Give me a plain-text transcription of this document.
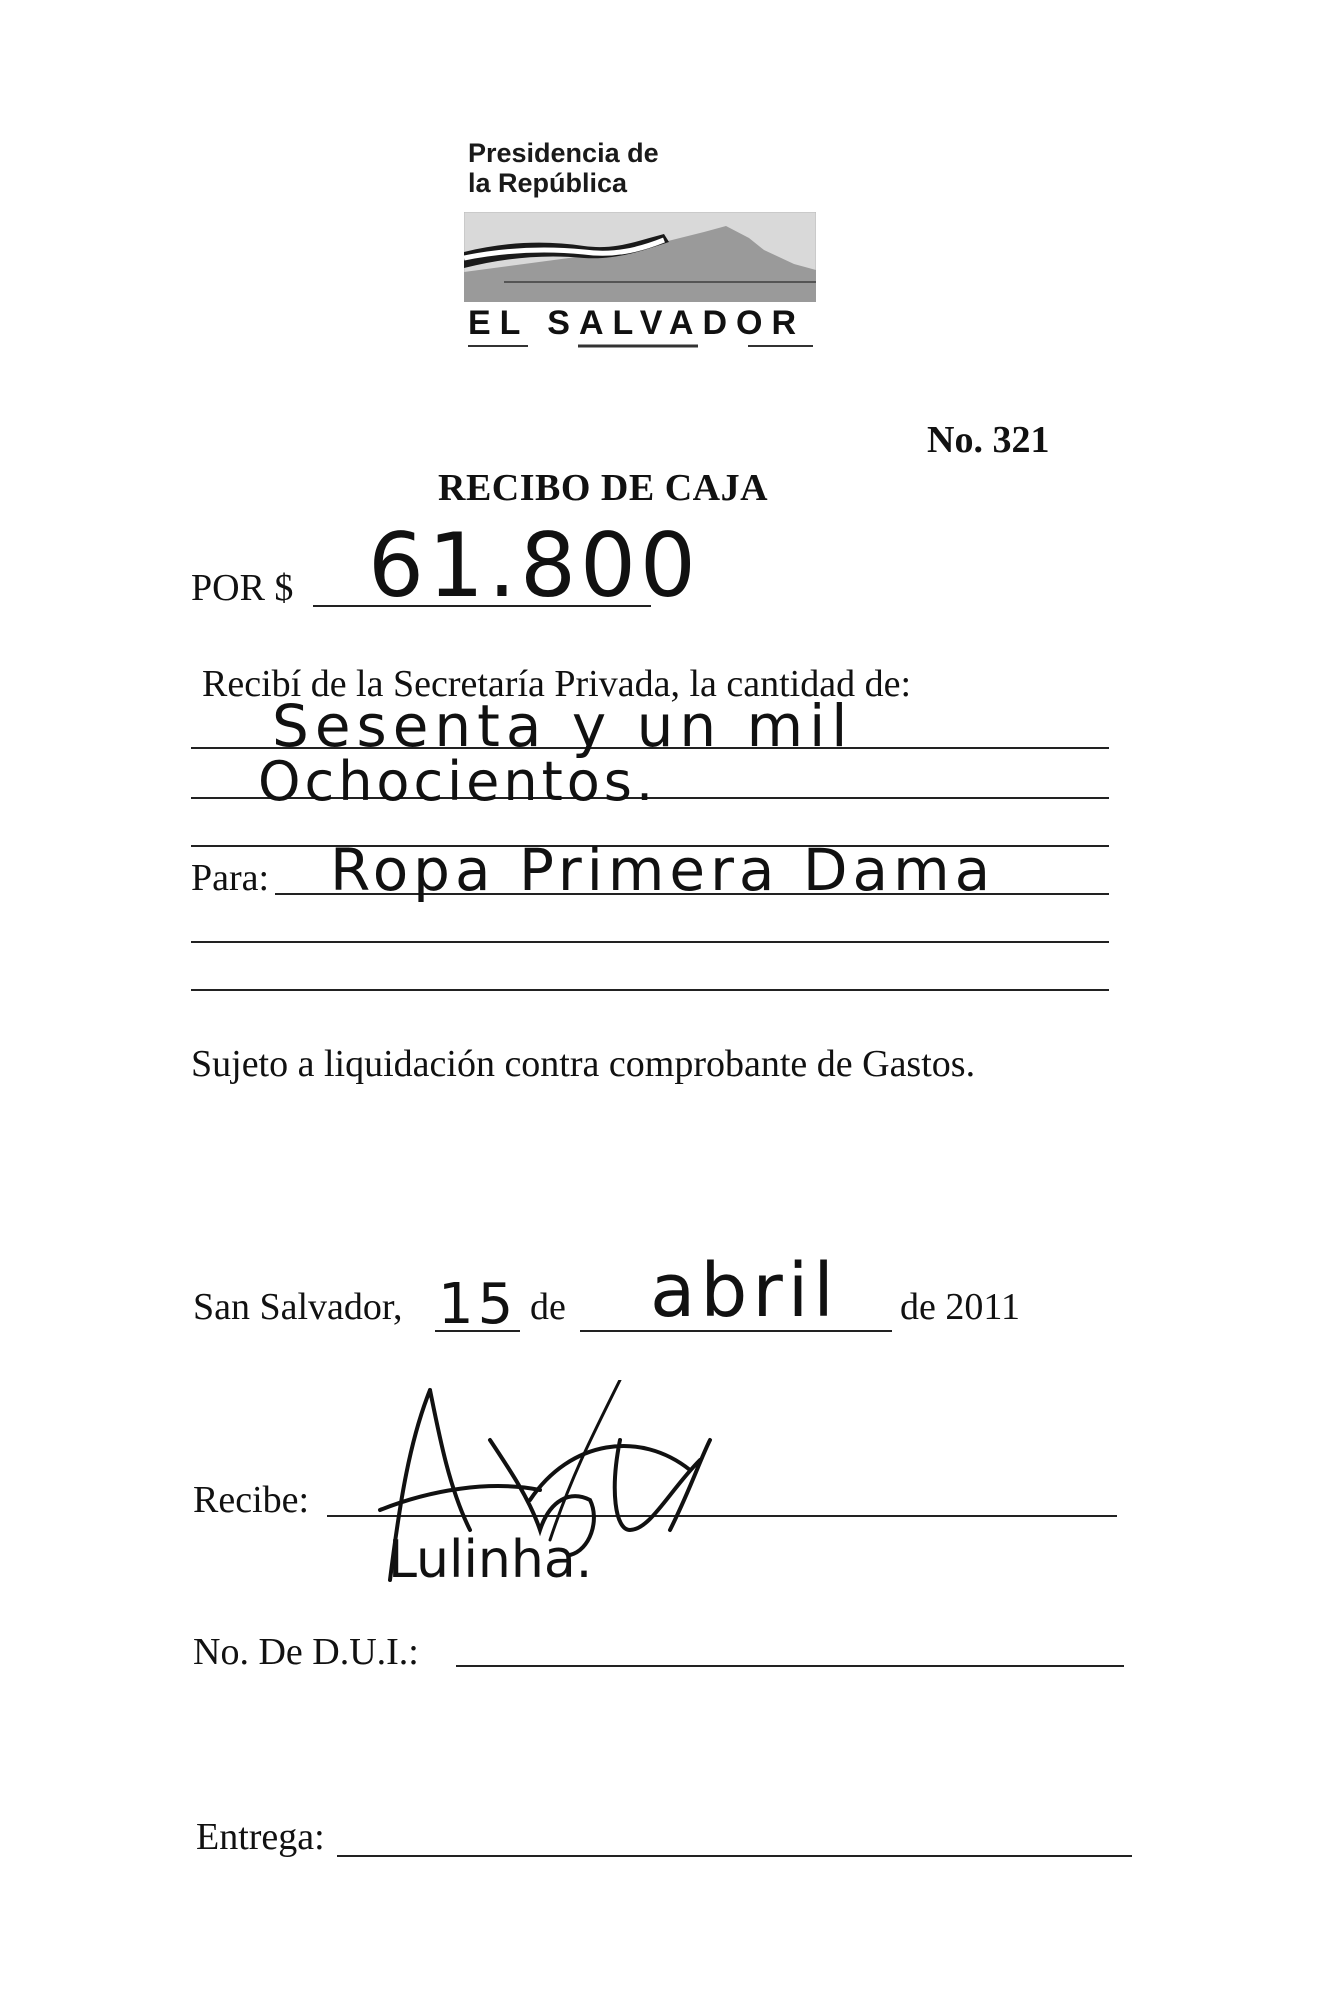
Presidencia de
la República
EL SALVADOR
No. 321
RECIBO DE CAJA
POR $ 61.800
Recibí de la Secretaría Privada, la cantidad de:
Sesenta y un mil
Ochocientos.
Para: Ropa Primera Dama
Sujeto a liquidación contra comprobante de Gastos.
San Salvador, 15 de abril de 2011
Recibe:
Lulinha.
No. De D.U.I.:
Entrega:
